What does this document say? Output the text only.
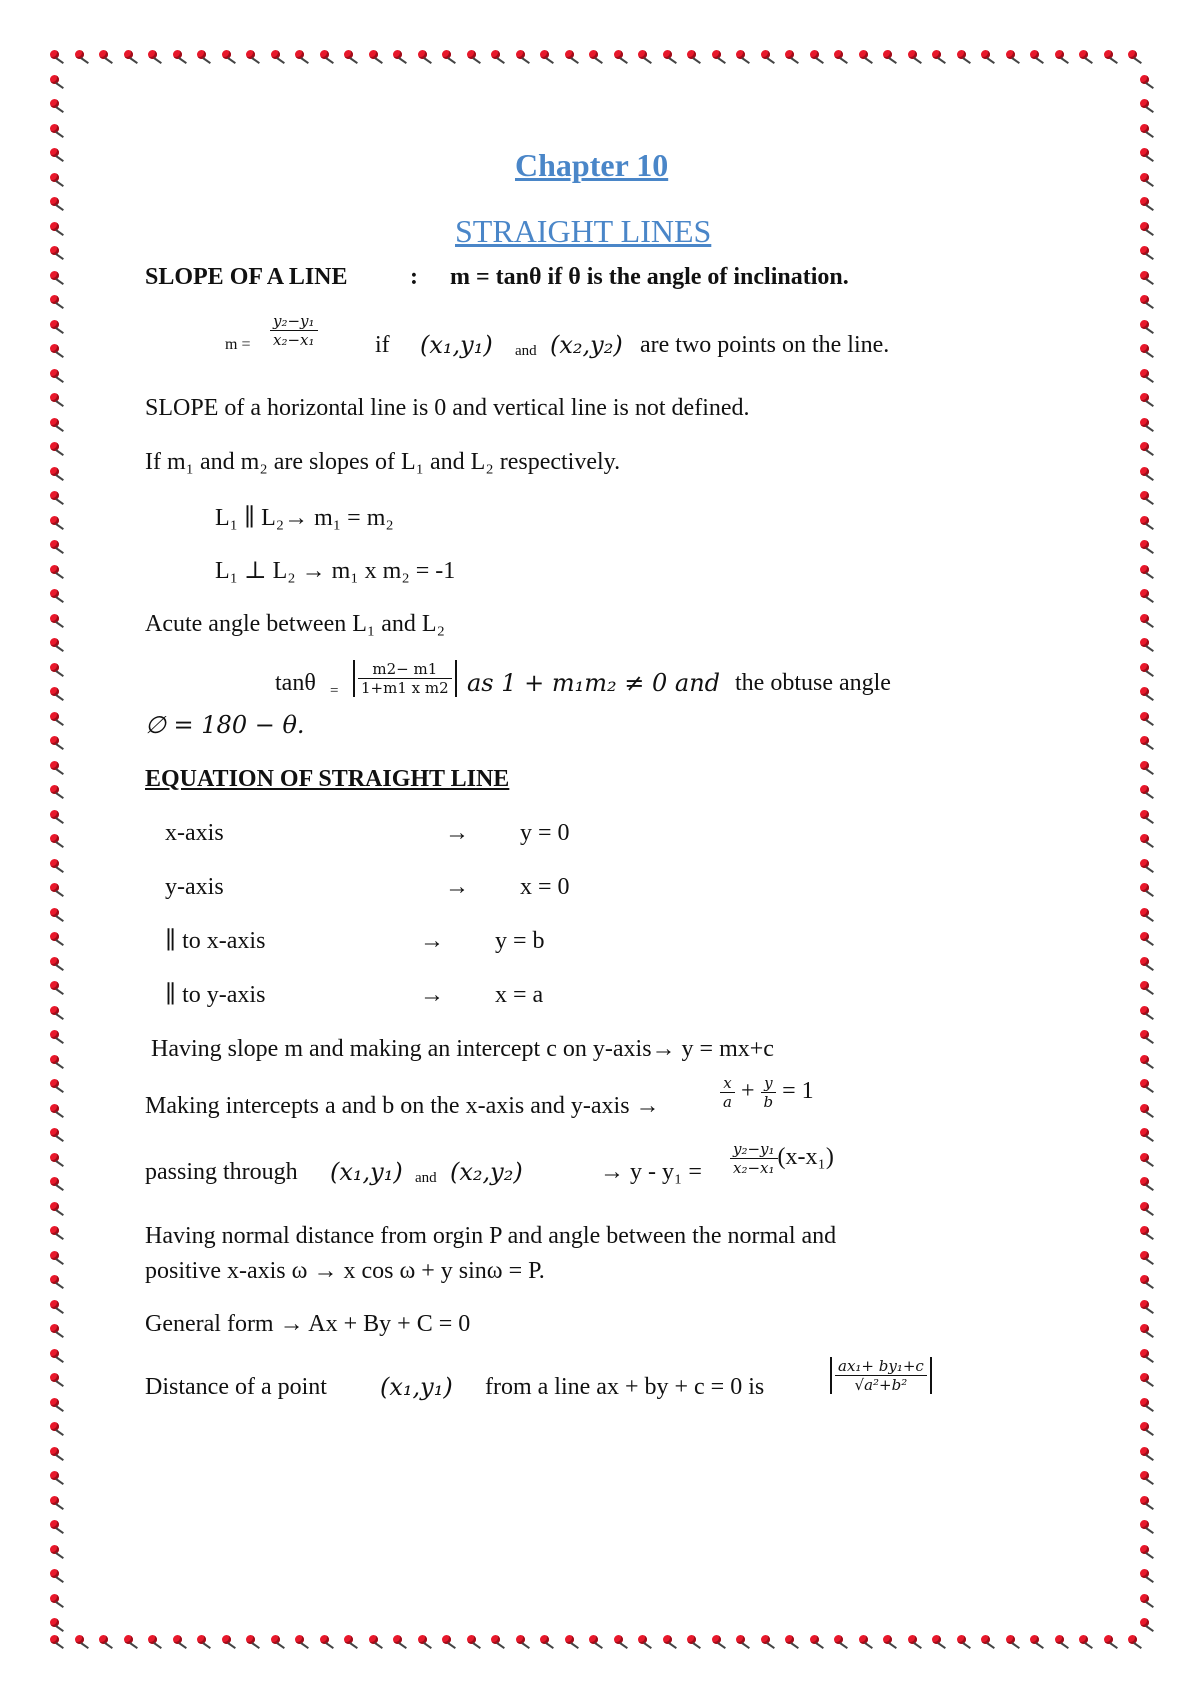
Chapter 10
STRAIGHT LINES
SLOPE OF A LINE	: m = tanθ if θ is the angle of inclination.
$m = \frac{\text{y₂−y₁}}{\text{x₂−x₁}}$ if (x₁,y₁) and (x₂,y₂) are two points on the line.
SLOPE of a horizontal line is 0 and vertical line is not defined.
If m₁ and m₂ are slopes of L₁ and L₂ respectively.
L₁ ∥ L₂→ m₁ = m₂
L₁ ⊥ L₂ → m₁ x m₂ = -1
Acute angle between L₁ and L₂
$\tan\theta = \frac{m2- m1}{\text{1+m1 x m2}}$ as 1 + m₁m₂ ≠ 0 and the obtuse angle
∅ = 180 − θ.
EQUATION OF STRAIGHT LINE
x-axis	→ y = 0
y-axis	→ x = 0
∥ to x-axis	→ y = b
∥ to y-axis	→ x = a
Having slope m and making an intercept c on y-axis→ y = mx+c
Making intercepts a and b on the x-axis and y-axis →	$\frac{x}{a} + \frac{y}{b} = 1$
passing through (x₁,y₁) and (x₂,y₂)	→ $y - y_1 = \frac{\text{y₂−y₁}}{\text{x₂−x₁}} (x-x_1)$
Having normal distance from orgin P and angle between the normal and
positive x-axis ω → x cos ω + y sinω = P.
General form → Ax + By + C = 0
Distance of a point (x₁,y₁) from a line ax + by + c = 0 is	$\frac{\text{ax₁+ by₁+c}}{\text{√a²+b²}}$
